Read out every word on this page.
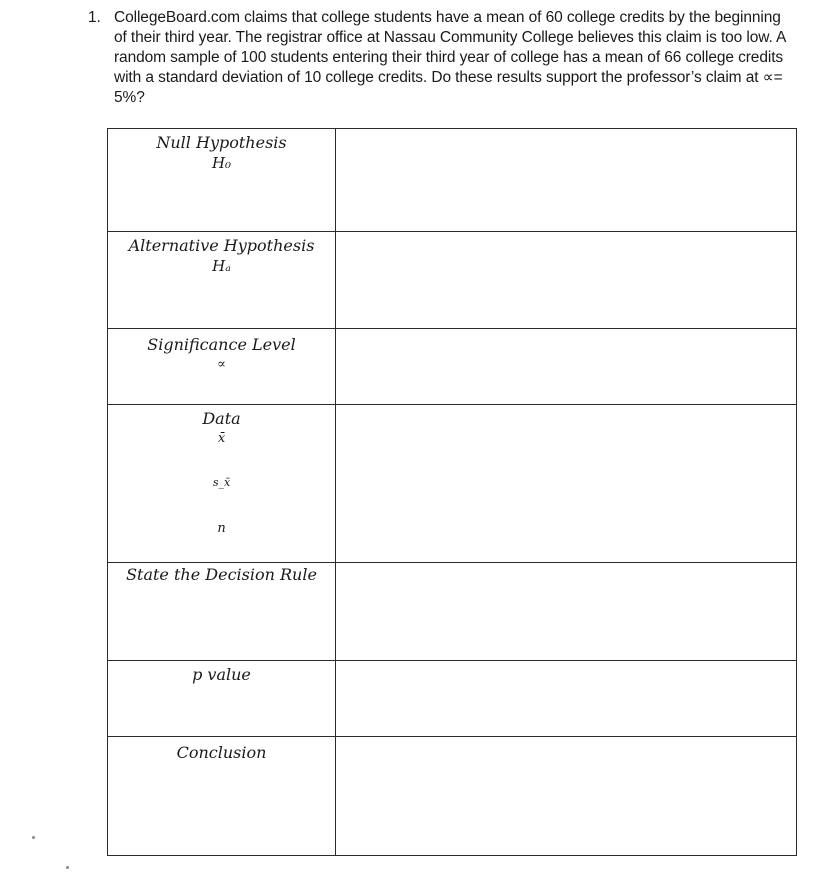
1. CollegeBoard.com claims that college students have a mean of 60 college credits by the beginning of their third year. The registrar office at Nassau Community College believes this claim is too low. A random sample of 100 students entering their third year of college has a mean of 66 college credits with a standard deviation of 10 college credits. Do these results support the professor’s claim at ∝= 5%?
Null Hypothesis
H₀
Alternative Hypothesis
Hₐ
Significance Level
∝
Data
x̄
s_x̄
n
State the Decision Rule
p value
Conclusion
